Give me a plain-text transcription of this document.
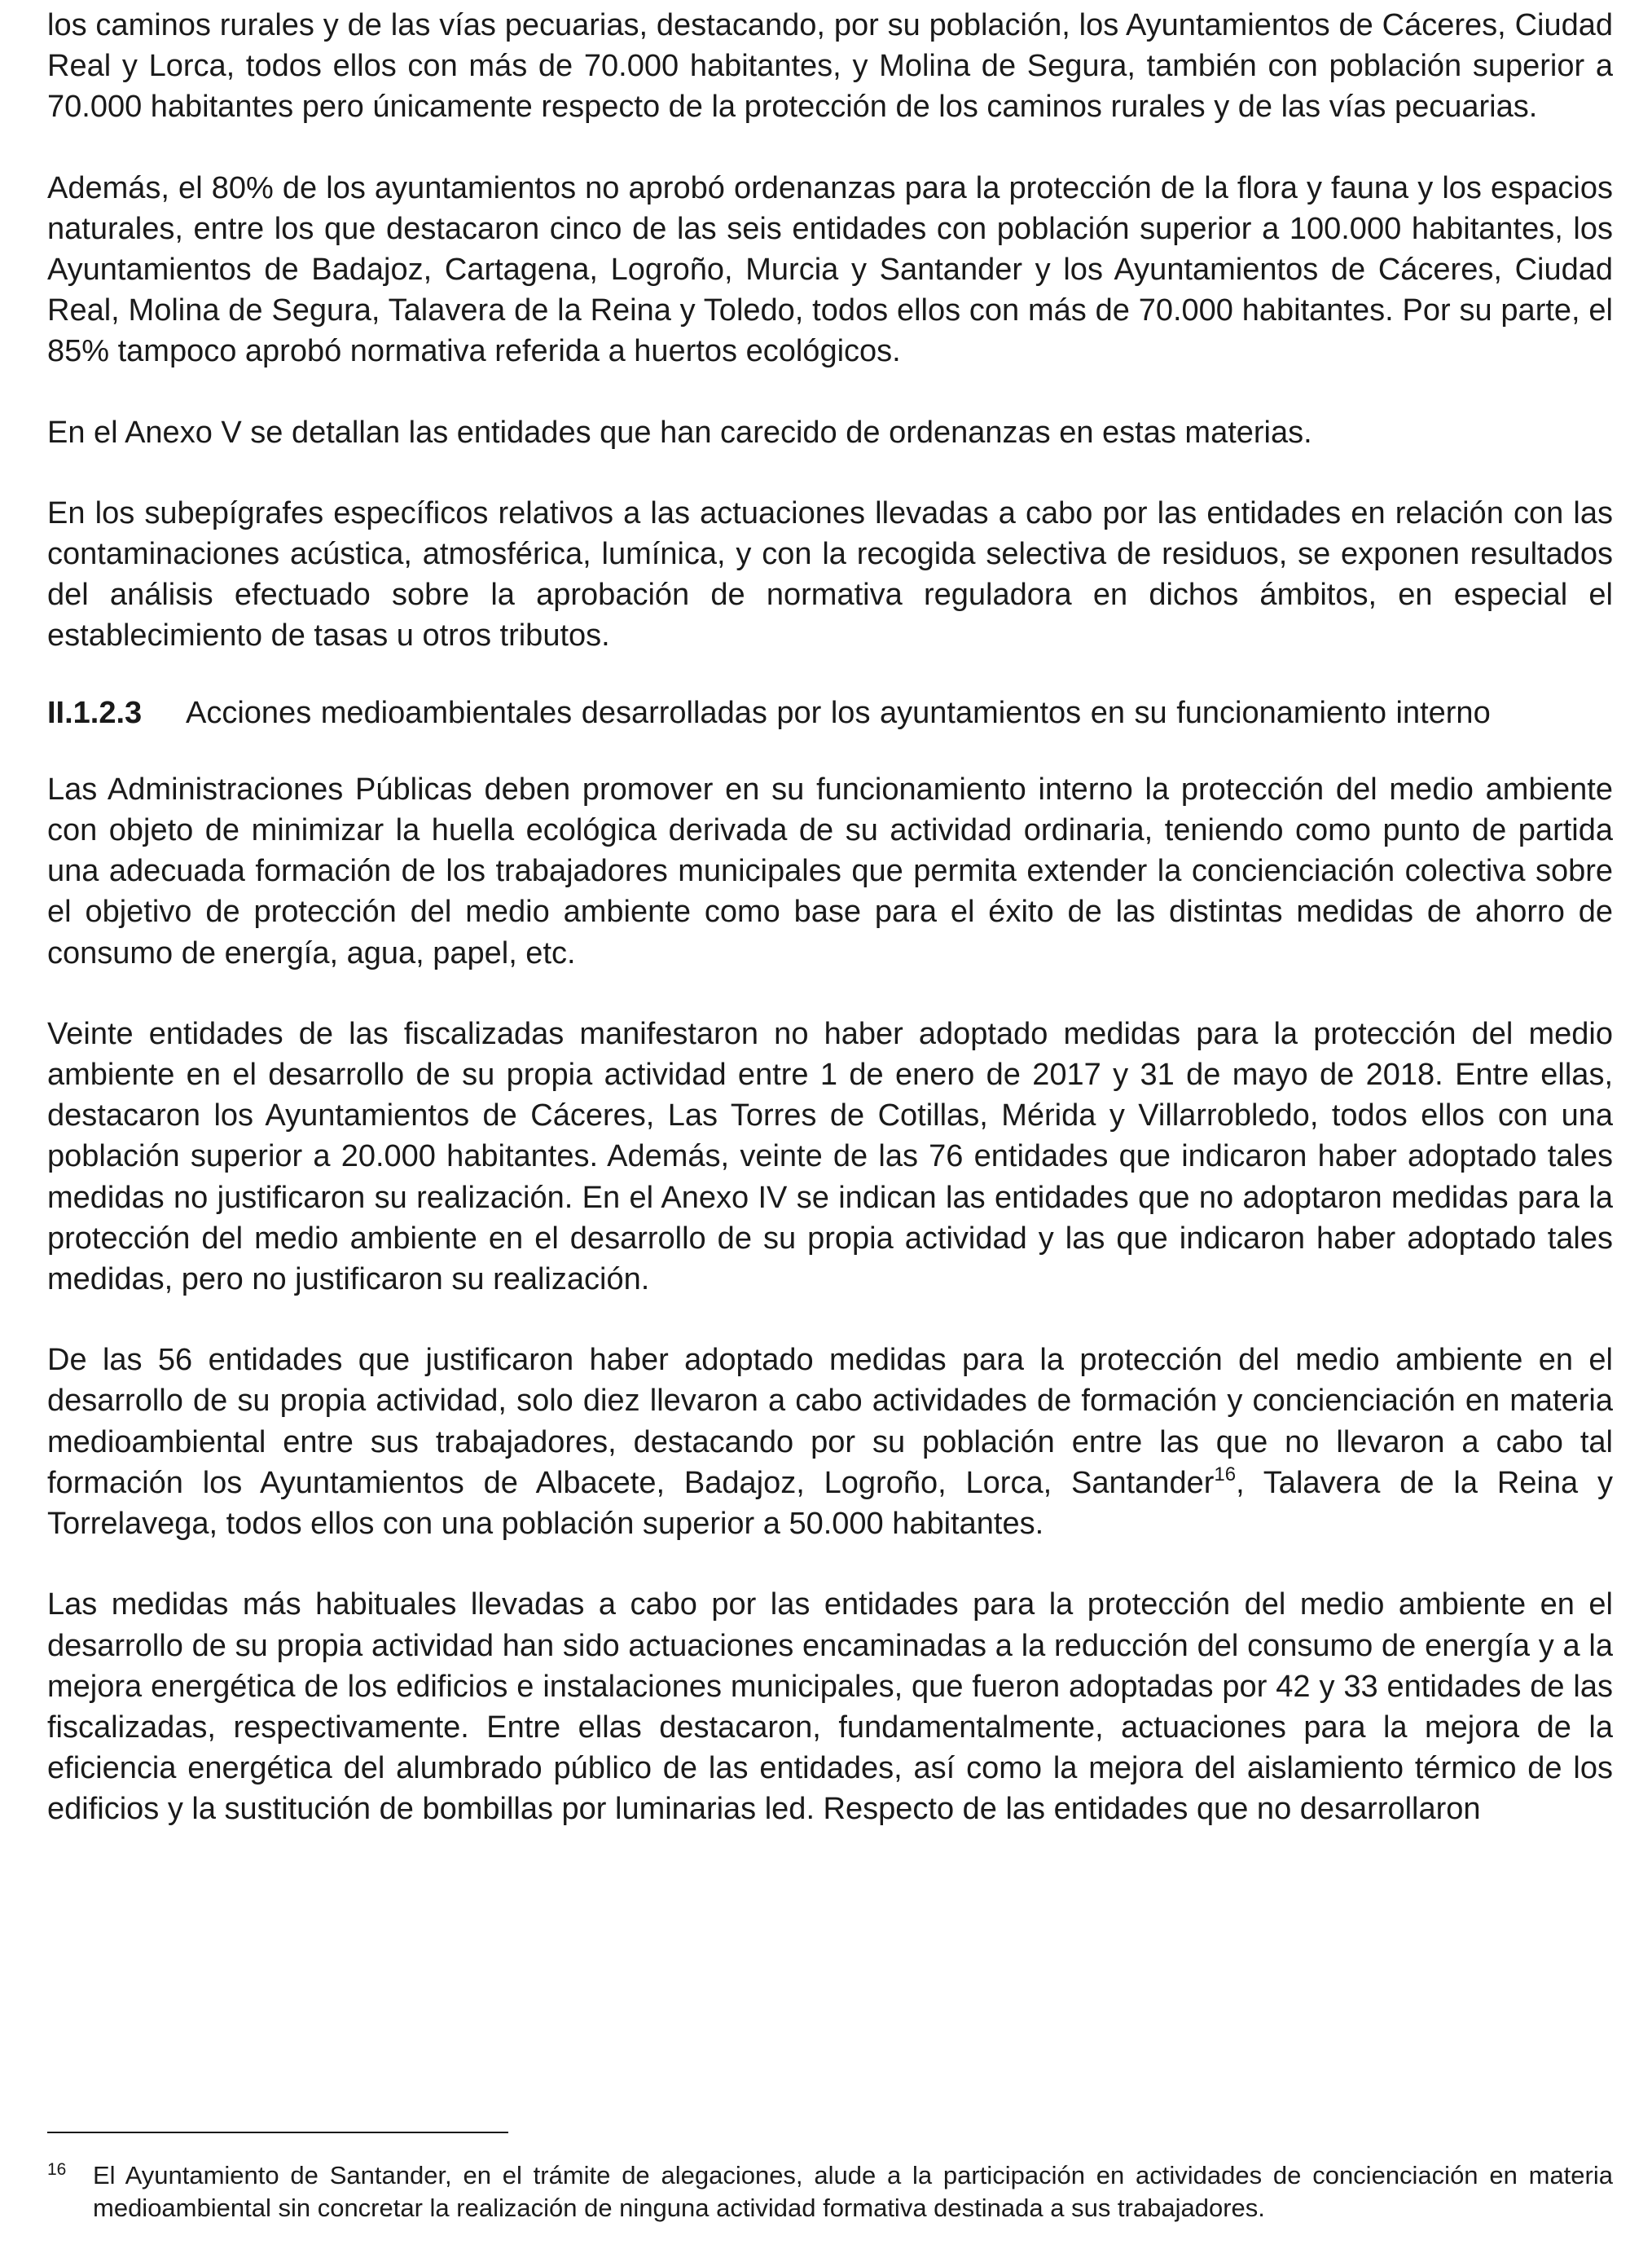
los caminos rurales y de las vías pecuarias, destacando, por su población, los Ayuntamientos de Cáceres, Ciudad Real y Lorca, todos ellos con más de 70.000 habitantes, y Molina de Segura, también con población superior a 70.000 habitantes pero únicamente respecto de la protección de los caminos rurales y de las vías pecuarias.

Además, el 80% de los ayuntamientos no aprobó ordenanzas para la protección de la flora y fauna y los espacios naturales, entre los que destacaron cinco de las seis entidades con población superior a 100.000 habitantes, los Ayuntamientos de Badajoz, Cartagena, Logroño, Murcia y Santander y los Ayuntamientos de Cáceres, Ciudad Real, Molina de Segura, Talavera de la Reina y Toledo, todos ellos con más de 70.000 habitantes. Por su parte, el 85% tampoco aprobó normativa referida a huertos ecológicos.

En el Anexo V se detallan las entidades que han carecido de ordenanzas en estas materias.

En los subepígrafes específicos relativos a las actuaciones llevadas a cabo por las entidades en relación con las contaminaciones acústica, atmosférica, lumínica, y con la recogida selectiva de residuos, se exponen resultados del análisis efectuado sobre la aprobación de normativa reguladora en dichos ámbitos, en especial el establecimiento de tasas u otros tributos.

II.1.2.3	Acciones medioambientales desarrolladas por los ayuntamientos en su funcionamiento interno

Las Administraciones Públicas deben promover en su funcionamiento interno la protección del medio ambiente con objeto de minimizar la huella ecológica derivada de su actividad ordinaria, teniendo como punto de partida una adecuada formación de los trabajadores municipales que permita extender la concienciación colectiva sobre el objetivo de protección del medio ambiente como base para el éxito de las distintas medidas de ahorro de consumo de energía, agua, papel, etc.

Veinte entidades de las fiscalizadas manifestaron no haber adoptado medidas para la protección del medio ambiente en el desarrollo de su propia actividad entre 1 de enero de 2017 y 31 de mayo de 2018. Entre ellas, destacaron los Ayuntamientos de Cáceres, Las Torres de Cotillas, Mérida y Villarrobledo, todos ellos con una población superior a 20.000 habitantes. Además, veinte de las 76 entidades que indicaron haber adoptado tales medidas no justificaron su realización. En el Anexo IV se indican las entidades que no adoptaron medidas para la protección del medio ambiente en el desarrollo de su propia actividad y las que indicaron haber adoptado tales medidas, pero no justificaron su realización.

De las 56 entidades que justificaron haber adoptado medidas para la protección del medio ambiente en el desarrollo de su propia actividad, solo diez llevaron a cabo actividades de formación y concienciación en materia medioambiental entre sus trabajadores, destacando por su población entre las que no llevaron a cabo tal formación los Ayuntamientos de Albacete, Badajoz, Logroño, Lorca, Santander$^{16}$, Talavera de la Reina y Torrelavega, todos ellos con una población superior a 50.000 habitantes.

Las medidas más habituales llevadas a cabo por las entidades para la protección del medio ambiente en el desarrollo de su propia actividad han sido actuaciones encaminadas a la reducción del consumo de energía y a la mejora energética de los edificios e instalaciones municipales, que fueron adoptadas por 42 y 33 entidades de las fiscalizadas, respectivamente. Entre ellas destacaron, fundamentalmente, actuaciones para la mejora de la eficiencia energética del alumbrado público de las entidades, así como la mejora del aislamiento térmico de los edificios y la sustitución de bombillas por luminarias led. Respecto de las entidades que no desarrollaron

16	El Ayuntamiento de Santander, en el trámite de alegaciones, alude a la participación en actividades de concienciación en materia medioambiental sin concretar la realización de ninguna actividad formativa destinada a sus trabajadores.
